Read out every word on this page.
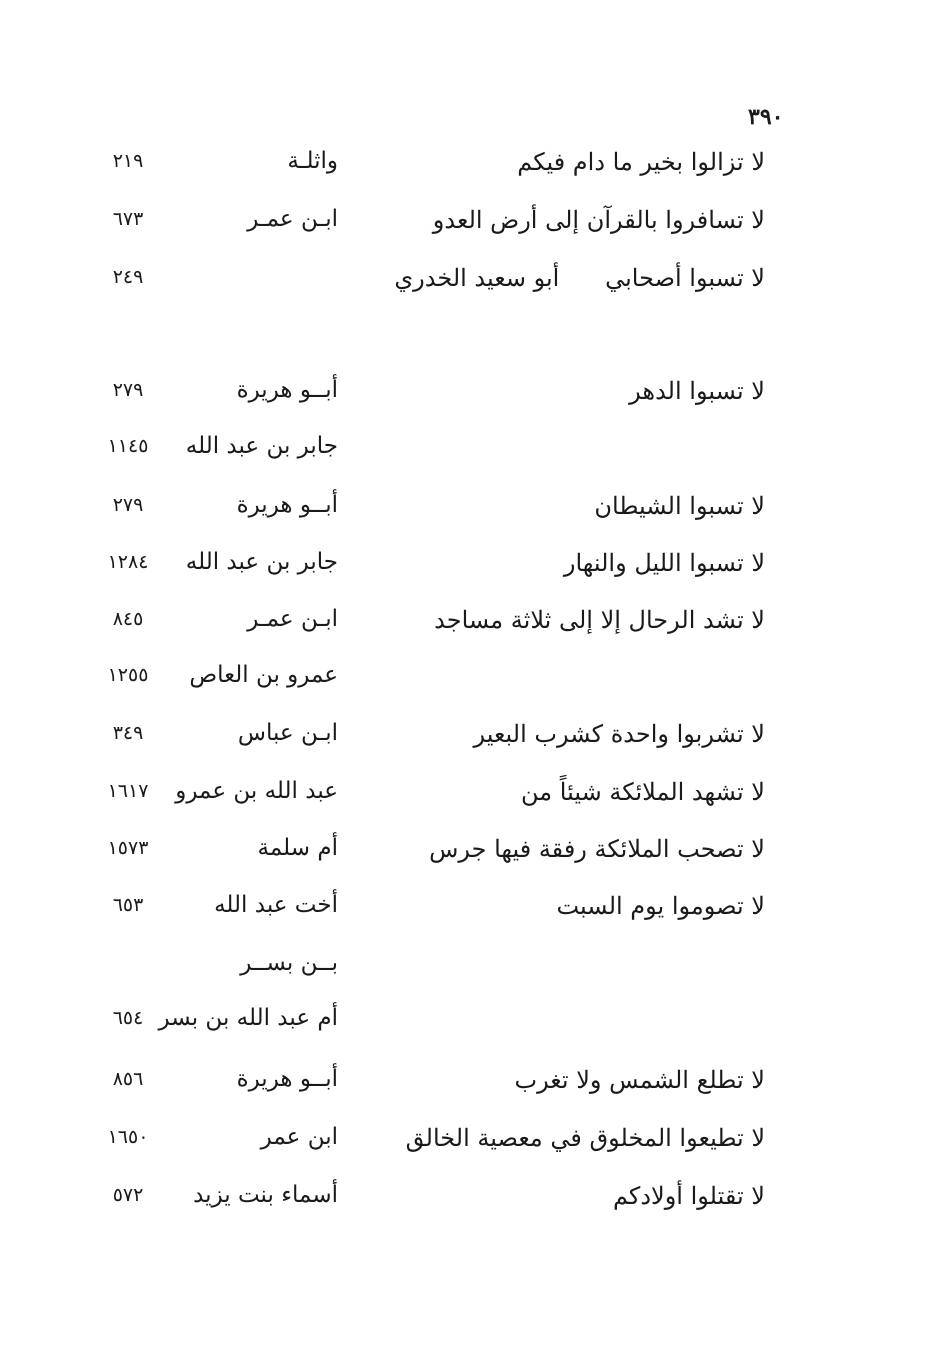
٣٩٠
لا تزالوا بخير ما دام فيكم
واثلـة
٢١٩
لا تسافروا بالقرآن إلى أرض العدو
ابـن عمـر
٦٧٣
لا تسبوا أصحابي      أبو سعيد الخدري
٢٤٩
لا تسبوا الدهر
أبــو هريرة
٢٧٩
جابر بن عبد الله
١١٤٥
لا تسبوا الشيطان
أبــو هريرة
٢٧٩
لا تسبوا الليل والنهار
جابر بن عبد الله
١٢٨٤
لا تشد الرحال إلا إلى ثلاثة مساجد
ابـن عمـر
٨٤٥
عمرو بن العاص
١٢٥٥
لا تشربوا واحدة كشرب البعير
ابـن عباس
٣٤٩
لا تشهد الملائكة شيئاً من
عبد الله بن عمرو
١٦١٧
لا تصحب الملائكة رفقة فيها جرس
أم سلمة
١٥٧٣
لا تصوموا يوم السبت
أخت عبد الله
٦٥٣
بــن بســر
أم عبد الله بن بسر
٦٥٤
لا تطلع الشمس ولا تغرب
أبــو هريرة
٨٥٦
لا تطيعوا المخلوق في معصية الخالق
ابن عمر
١٦٥٠
لا تقتلوا أولادكم
أسماء بنت يزيد
٥٧٢
